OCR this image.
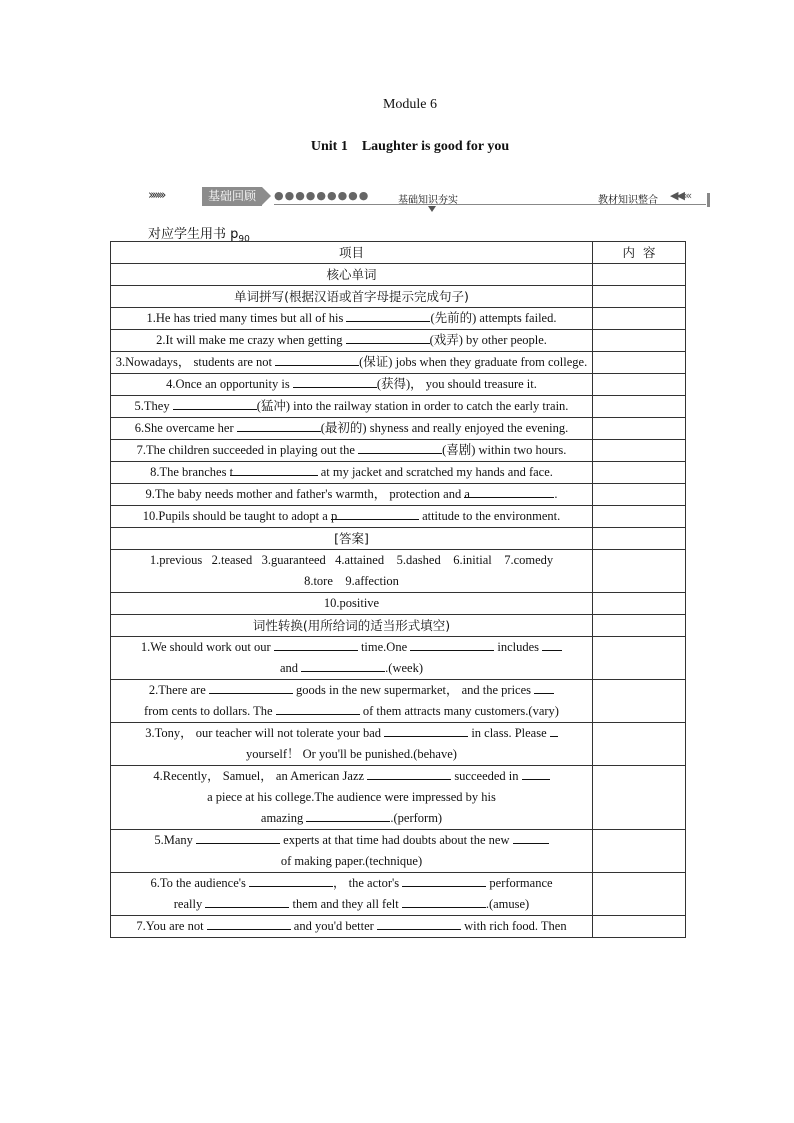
Module 6
Unit 1    Laughter is good for you
›››››››	基础回顾	●●●●●●●●●	基础知识夯实	教材知识整合 ◀◀‹‹‹
对应学生用书 $p_{90}$
项目	内  容
核心单词	
单词拼写(根据汉语或首字母提示完成句子)	
1.He has tried many times but all of his (先前的) attempts failed.	
2.It will make me crazy when getting (戏弄) by other people.	
3.Nowadays， students are not (保证) jobs when they graduate from college.	
4.Once an opportunity is (获得)， you should treasure it.	
5.They (猛冲) into the railway station in order to catch the early train.	
6.She overcame her (最初的) shyness and really enjoyed the evening.	
7.The children succeeded in playing out the (喜剧) within two hours.	
8.The branches t at my jacket and scratched my hands and face.	
9.The baby needs mother and father's warmth， protection and a .	
10.Pupils should be taught to adopt a p attitude to the environment.	
[答案]	

1.previous   2.teased   3.guaranteed   4.attained    5.dashed    6.initial    7.comedy
8.tore    9.affection	

10.positive	
词性转换(用所给词的适当形式填空)	

1.We should work out our time.One includes
and .(week)	

2.There are goods in the new supermarket， and the prices
from cents to dollars. The of them attracts many customers.(vary)	

3.Tony， our teacher will not tolerate your bad in class. Please
yourself！ Or you'll be punished.(behave)	

4.Recently， Samuel， an American Jazz succeeded in
a piece at his college.The audience were impressed by his
amazing .(perform)	

5.Many experts at that time had doubts about the new
of making paper.(technique)	

6.To the audience's ， the actor's performance
really them and they all felt .(amuse)	

7.You are not and you'd better with rich food. Then	
